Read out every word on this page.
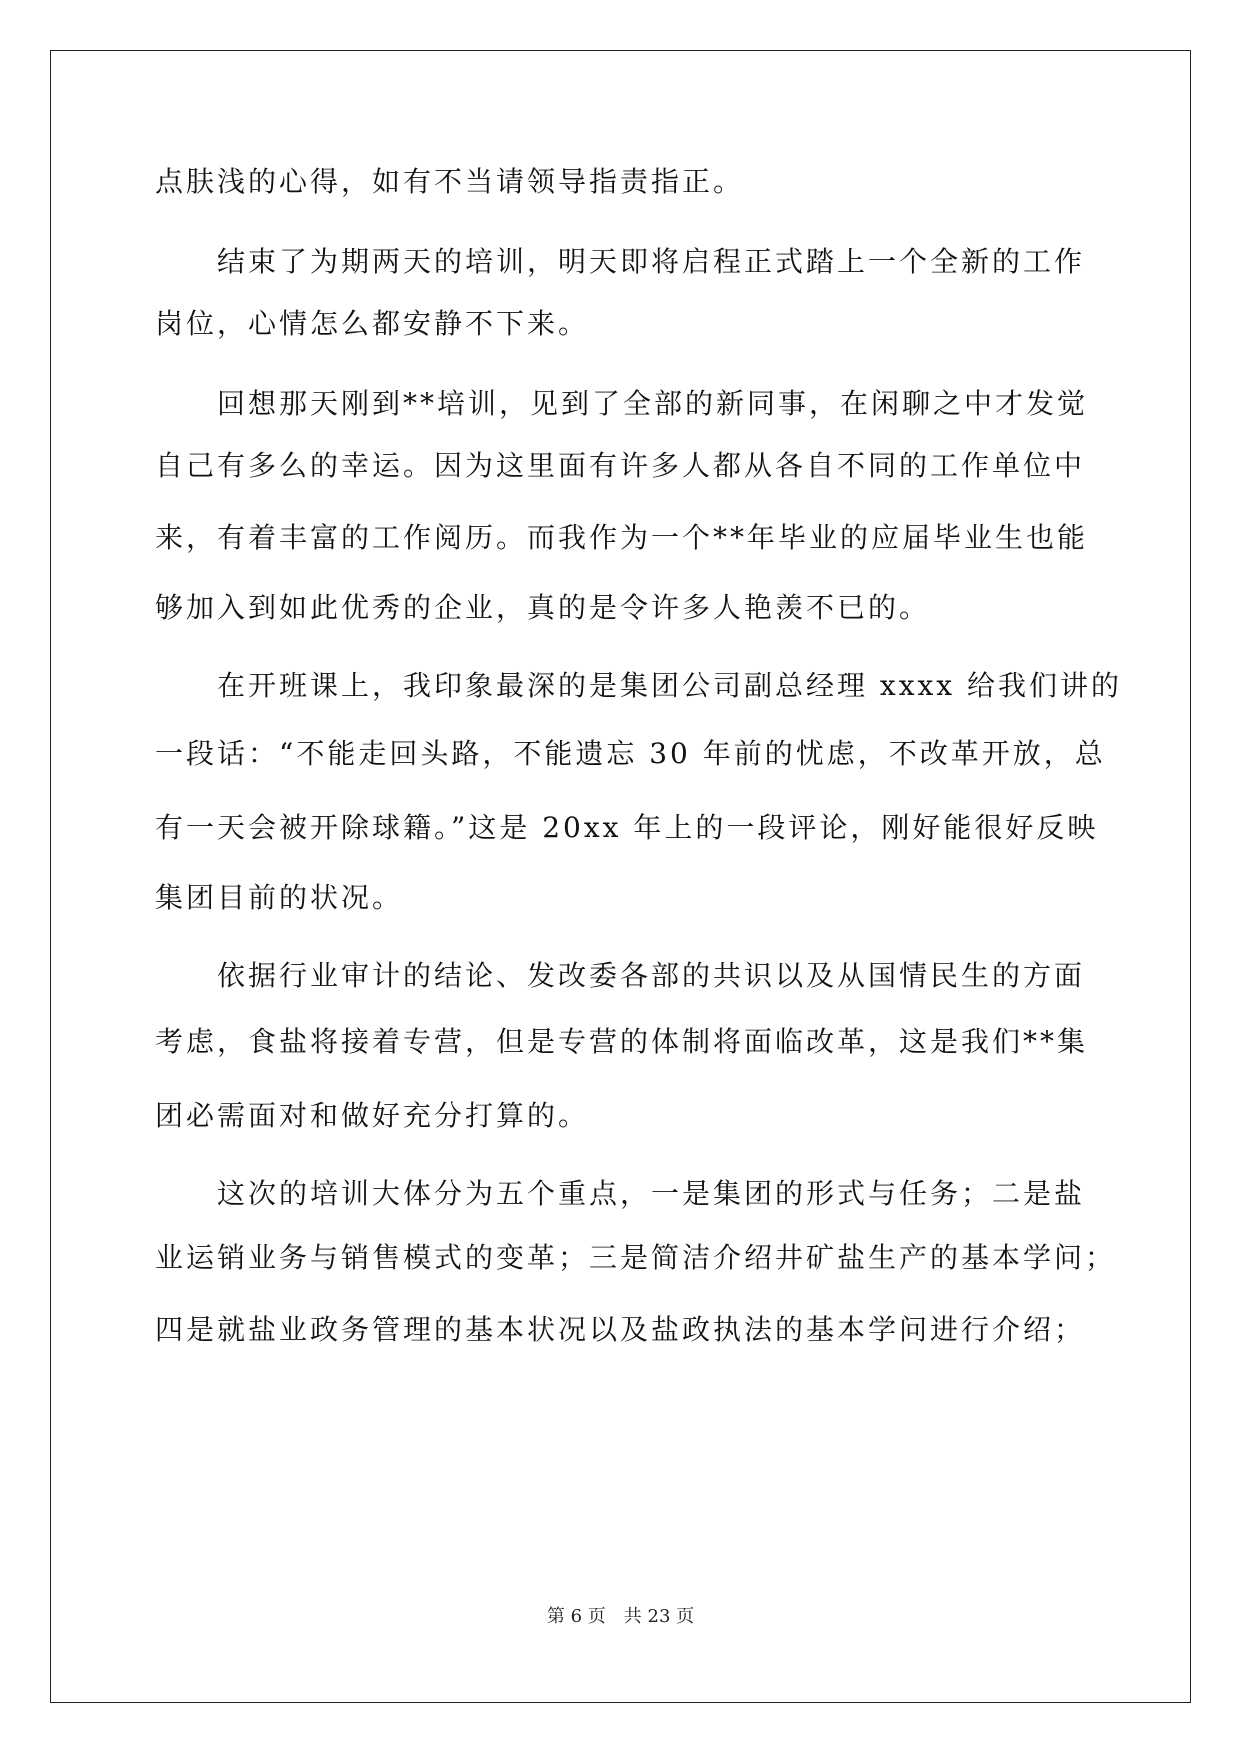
点肤浅的心得，如有不当请领导指责指正。
结束了为期两天的培训，明天即将启程正式踏上一个全新的工作
岗位，心情怎么都安静不下来。
回想那天刚到**培训，见到了全部的新同事，在闲聊之中才发觉
自己有多么的幸运。因为这里面有许多人都从各自不同的工作单位中
来，有着丰富的工作阅历。而我作为一个**年毕业的应届毕业生也能
够加入到如此优秀的企业，真的是令许多人艳羡不已的。
在开班课上，我印象最深的是集团公司副总经理 xxxx 给我们讲的
一段话：“不能走回头路，不能遗忘 30 年前的忧虑，不改革开放，总
有一天会被开除球籍。”这是 20xx 年上的一段评论，刚好能很好反映
集团目前的状况。
依据行业审计的结论、发改委各部的共识以及从国情民生的方面
考虑，食盐将接着专营，但是专营的体制将面临改革，这是我们**集
团必需面对和做好充分打算的。
这次的培训大体分为五个重点，一是集团的形式与任务；二是盐
业运销业务与销售模式的变革；三是简洁介绍井矿盐生产的基本学问；
四是就盐业政务管理的基本状况以及盐政执法的基本学问进行介绍；
第 6 页 共 23 页
